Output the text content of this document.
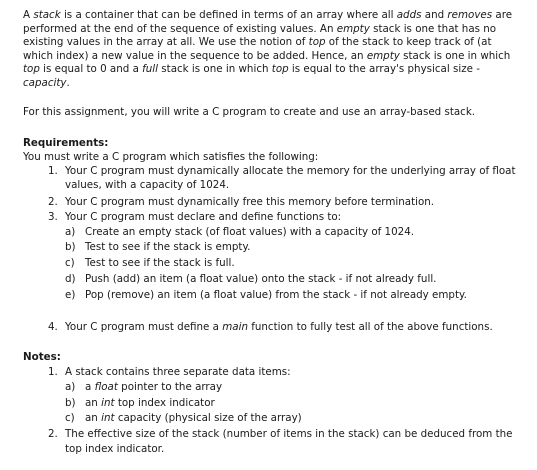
A stack is a container that can be defined in terms of an array where all adds and removes are performed at the end of the sequence of existing values. An empty stack is one that has no existing values in the array at all. We use the notion of top of the stack to keep track of (at which index) a new value in the sequence to be added. Hence, an empty stack is one in which top is equal to 0 and a full stack is one in which top is equal to the array's physical size - capacity.

For this assignment, you will write a C program to create and use an array-based stack.

Requirements:

You must write a C program which satisfies the following:

1. Your C program must dynamically allocate the memory for the underlying array of float
values, with a capacity of 1024.
2. Your C program must dynamically free this memory before termination.
3. Your C program must declare and define functions to:
a) Create an empty stack (of float values) with a capacity of 1024.
b) Test to see if the stack is empty.
c) Test to see if the stack is full.
d) Push (add) an item (a float value) onto the stack - if not already full.
e) Pop (remove) an item (a float value) from the stack - if not already empty.
4. Your C program must define a main function to fully test all of the above functions.

Notes:

1. A stack contains three separate data items:
a) a float pointer to the array
b) an int top index indicator
c) an int capacity (physical size of the array)
2. The effective size of the stack (number of items in the stack) can be deduced from the
top index indicator.
